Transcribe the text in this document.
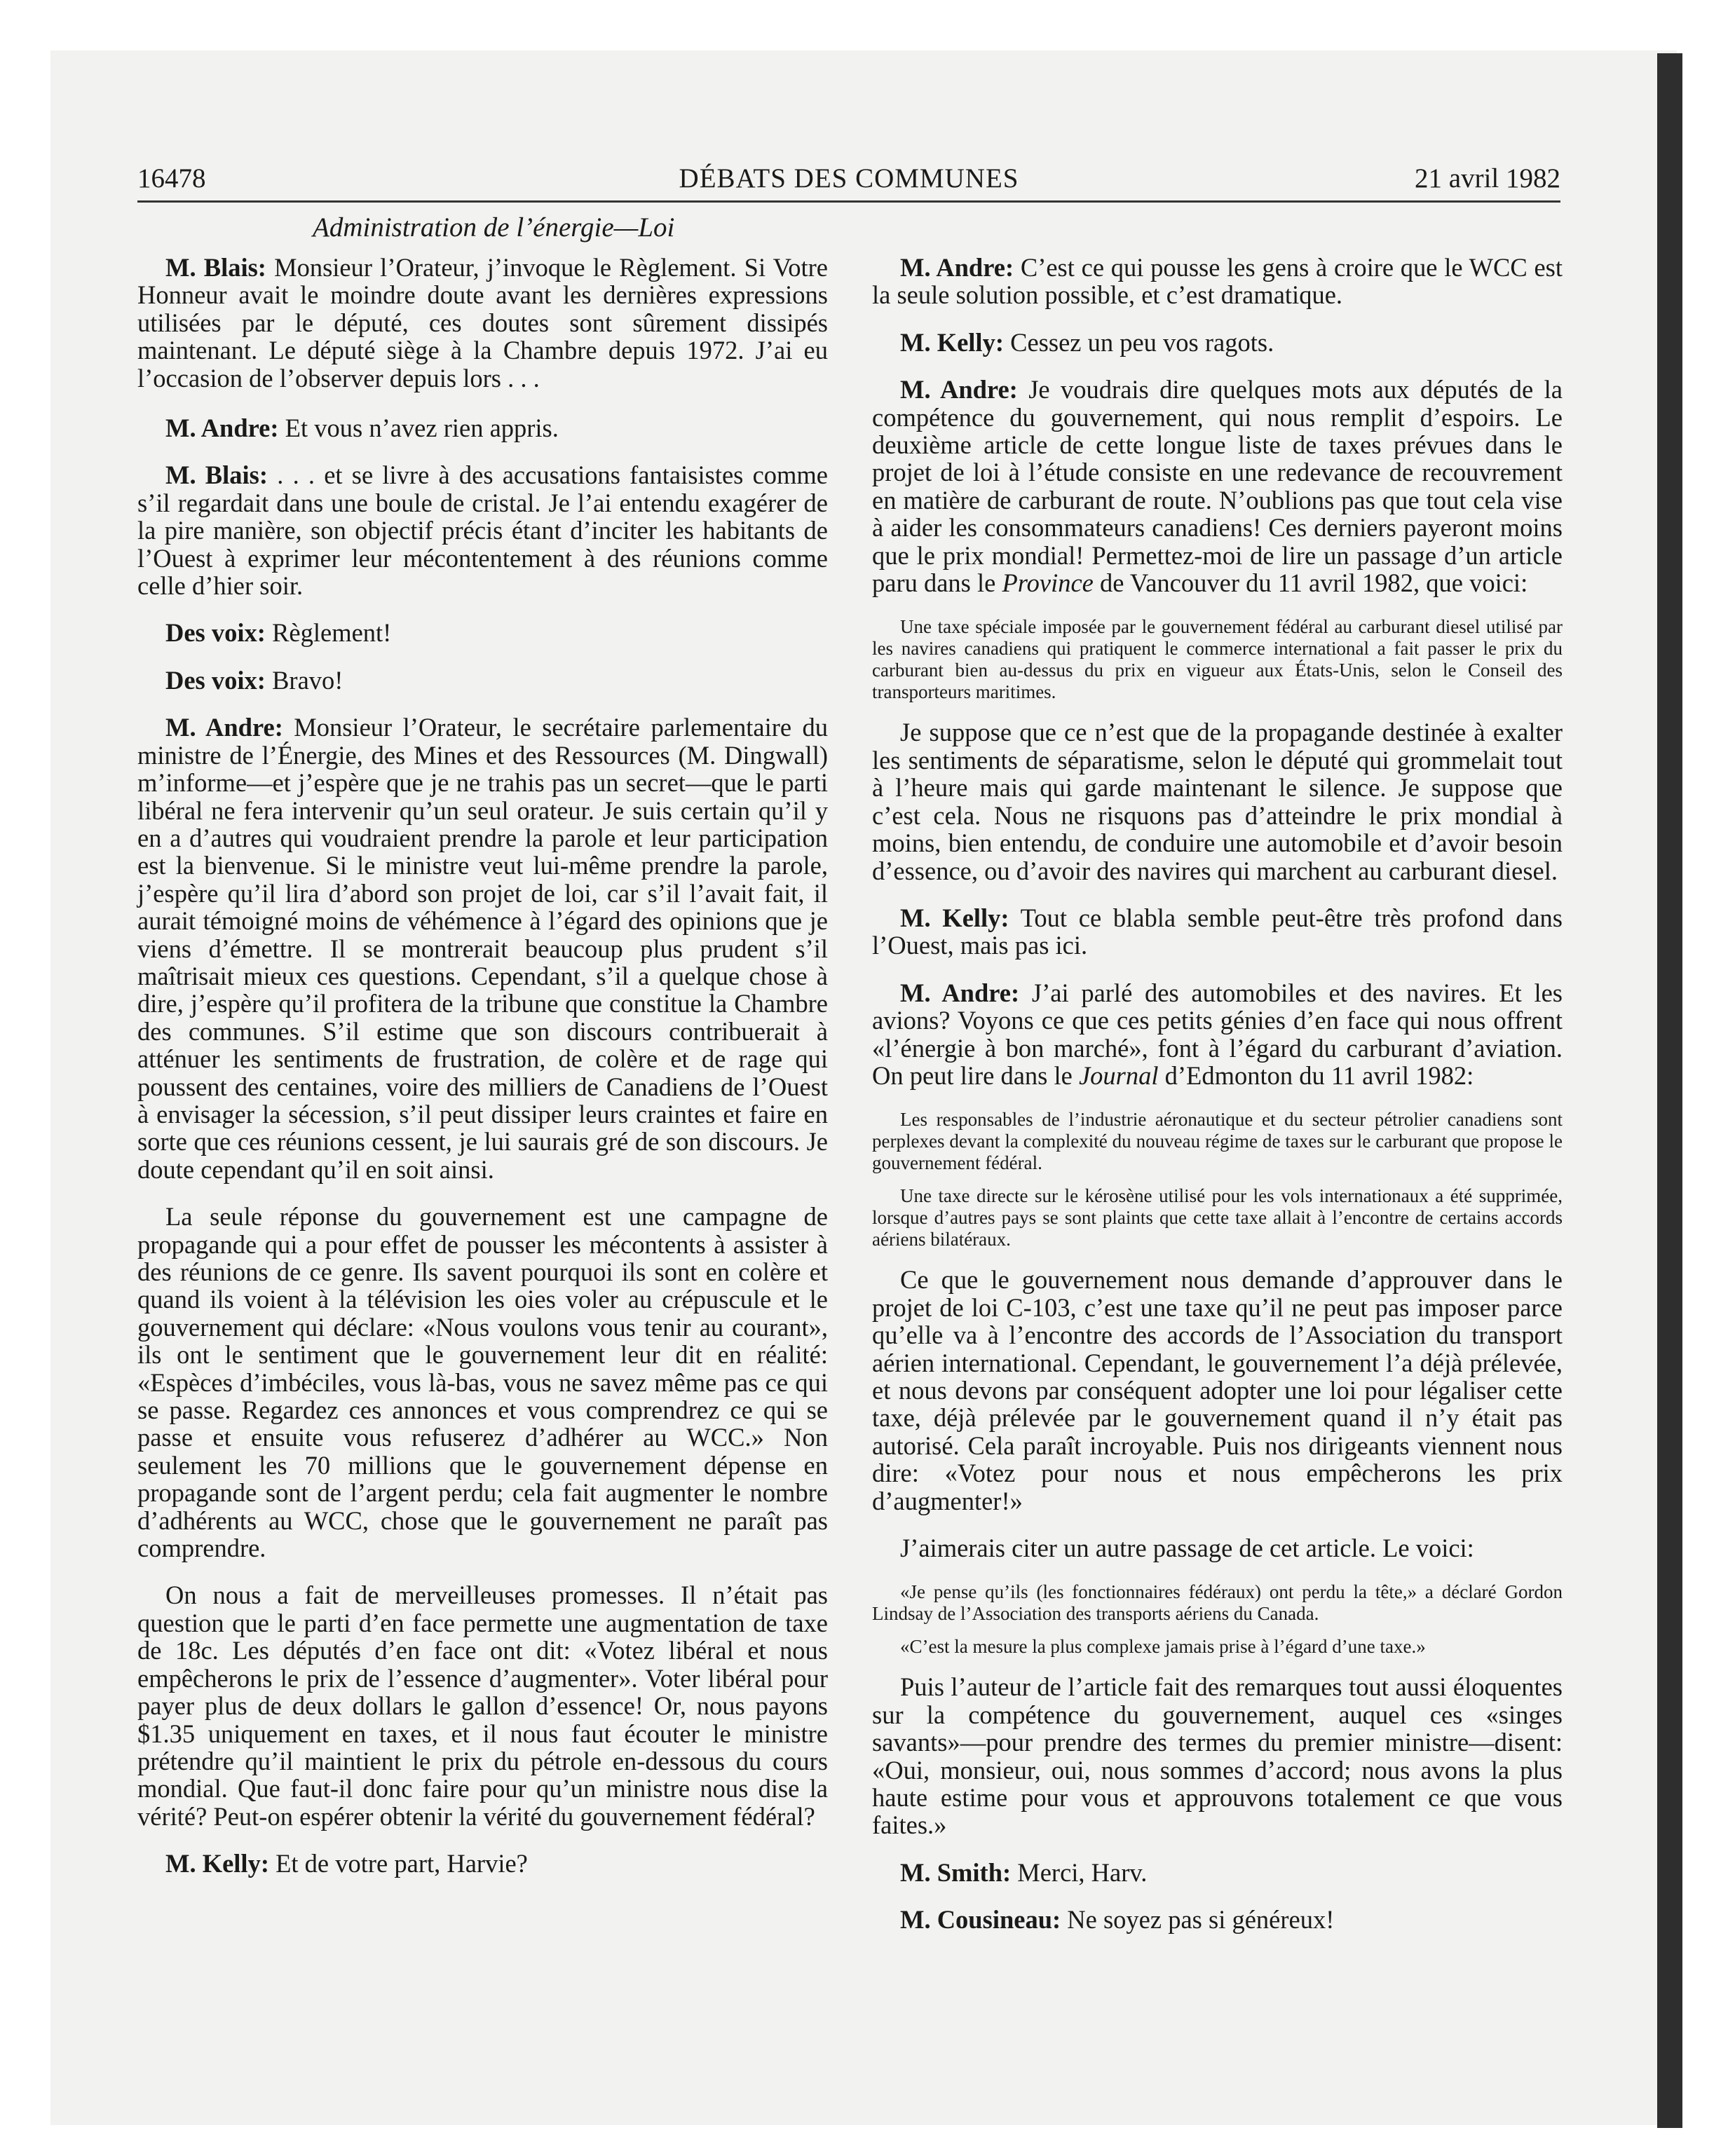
16478	DÉBATS DES COMMUNES	21 avril 1982
Administration de l’énergie—Loi

M. Blais: Monsieur l’Orateur, j’invoque le Règlement. Si Votre Honneur avait le moindre doute avant les dernières expressions utilisées par le député, ces doutes sont sûrement dissipés maintenant. Le député siège à la Chambre depuis 1972. J’ai eu l’occasion de l’observer depuis lors . . .

M. Andre: Et vous n’avez rien appris.

M. Blais: . . . et se livre à des accusations fantaisistes comme s’il regardait dans une boule de cristal. Je l’ai entendu exagérer de la pire manière, son objectif précis étant d’inciter les habitants de l’Ouest à exprimer leur mécontentement à des réunions comme celle d’hier soir.

Des voix: Règlement!

Des voix: Bravo!

M. Andre: Monsieur l’Orateur, le secrétaire parlementaire du ministre de l’Énergie, des Mines et des Ressources (M. Dingwall) m’informe—et j’espère que je ne trahis pas un secret—que le parti libéral ne fera intervenir qu’un seul orateur. Je suis certain qu’il y en a d’autres qui voudraient prendre la parole et leur participation est la bienvenue. Si le ministre veut lui-même prendre la parole, j’espère qu’il lira d’abord son projet de loi, car s’il l’avait fait, il aurait témoigné moins de véhémence à l’égard des opinions que je viens d’émettre. Il se montrerait beaucoup plus prudent s’il maîtrisait mieux ces questions. Cependant, s’il a quelque chose à dire, j’espère qu’il profitera de la tribune que constitue la Chambre des communes. S’il estime que son discours contribuerait à atténuer les sentiments de frustration, de colère et de rage qui poussent des centaines, voire des milliers de Canadiens de l’Ouest à envisager la sécession, s’il peut dissiper leurs craintes et faire en sorte que ces réunions cessent, je lui saurais gré de son discours. Je doute cependant qu’il en soit ainsi.

La seule réponse du gouvernement est une campagne de propagande qui a pour effet de pousser les mécontents à assister à des réunions de ce genre. Ils savent pourquoi ils sont en colère et quand ils voient à la télévision les oies voler au crépuscule et le gouvernement qui déclare: «Nous voulons vous tenir au courant», ils ont le sentiment que le gouvernement leur dit en réalité: «Espèces d’imbéciles, vous là-bas, vous ne savez même pas ce qui se passe. Regardez ces annonces et vous comprendrez ce qui se passe et ensuite vous refuserez d’adhérer au WCC.» Non seulement les 70 millions que le gouvernement dépense en propagande sont de l’argent perdu; cela fait augmenter le nombre d’adhérents au WCC, chose que le gouvernement ne paraît pas comprendre.

On nous a fait de merveilleuses promesses. Il n’était pas question que le parti d’en face permette une augmentation de taxe de 18c. Les députés d’en face ont dit: «Votez libéral et nous empêcherons le prix de l’essence d’augmenter». Voter libéral pour payer plus de deux dollars le gallon d’essence! Or, nous payons $1.35 uniquement en taxes, et il nous faut écouter le ministre prétendre qu’il maintient le prix du pétrole en-dessous du cours mondial. Que faut-il donc faire pour qu’un ministre nous dise la vérité? Peut-on espérer obtenir la vérité du gouvernement fédéral?

M. Kelly: Et de votre part, Harvie?

M. Andre: C’est ce qui pousse les gens à croire que le WCC est la seule solution possible, et c’est dramatique.

M. Kelly: Cessez un peu vos ragots.

M. Andre: Je voudrais dire quelques mots aux députés de la compétence du gouvernement, qui nous remplit d’espoirs. Le deuxième article de cette longue liste de taxes prévues dans le projet de loi à l’étude consiste en une redevance de recouvrement en matière de carburant de route. N’oublions pas que tout cela vise à aider les consommateurs canadiens! Ces derniers payeront moins que le prix mondial! Permettez-moi de lire un passage d’un article paru dans le Province de Vancouver du 11 avril 1982, que voici:

Une taxe spéciale imposée par le gouvernement fédéral au carburant diesel utilisé par les navires canadiens qui pratiquent le commerce international a fait passer le prix du carburant bien au-dessus du prix en vigueur aux États-Unis, selon le Conseil des transporteurs maritimes.

Je suppose que ce n’est que de la propagande destinée à exalter les sentiments de séparatisme, selon le député qui grommelait tout à l’heure mais qui garde maintenant le silence. Je suppose que c’est cela. Nous ne risquons pas d’atteindre le prix mondial à moins, bien entendu, de conduire une automobile et d’avoir besoin d’essence, ou d’avoir des navires qui marchent au carburant diesel.

M. Kelly: Tout ce blabla semble peut-être très profond dans l’Ouest, mais pas ici.

M. Andre: J’ai parlé des automobiles et des navires. Et les avions? Voyons ce que ces petits génies d’en face qui nous offrent «l’énergie à bon marché», font à l’égard du carburant d’aviation. On peut lire dans le Journal d’Edmonton du 11 avril 1982:

Les responsables de l’industrie aéronautique et du secteur pétrolier canadiens sont perplexes devant la complexité du nouveau régime de taxes sur le carburant que propose le gouvernement fédéral.

Une taxe directe sur le kérosène utilisé pour les vols internationaux a été supprimée, lorsque d’autres pays se sont plaints que cette taxe allait à l’encontre de certains accords aériens bilatéraux.

Ce que le gouvernement nous demande d’approuver dans le projet de loi C-103, c’est une taxe qu’il ne peut pas imposer parce qu’elle va à l’encontre des accords de l’Association du transport aérien international. Cependant, le gouvernement l’a déjà prélevée, et nous devons par conséquent adopter une loi pour légaliser cette taxe, déjà prélevée par le gouvernement quand il n’y était pas autorisé. Cela paraît incroyable. Puis nos dirigeants viennent nous dire: «Votez pour nous et nous empêcherons les prix d’augmenter!»

J’aimerais citer un autre passage de cet article. Le voici:

«Je pense qu’ils (les fonctionnaires fédéraux) ont perdu la tête,» a déclaré Gordon Lindsay de l’Association des transports aériens du Canada.

«C’est la mesure la plus complexe jamais prise à l’égard d’une taxe.»

Puis l’auteur de l’article fait des remarques tout aussi éloquentes sur la compétence du gouvernement, auquel ces «singes savants»—pour prendre des termes du premier ministre—disent: «Oui, monsieur, oui, nous sommes d’accord; nous avons la plus haute estime pour vous et approuvons totalement ce que vous faites.»

M. Smith: Merci, Harv.

M. Cousineau: Ne soyez pas si généreux!
